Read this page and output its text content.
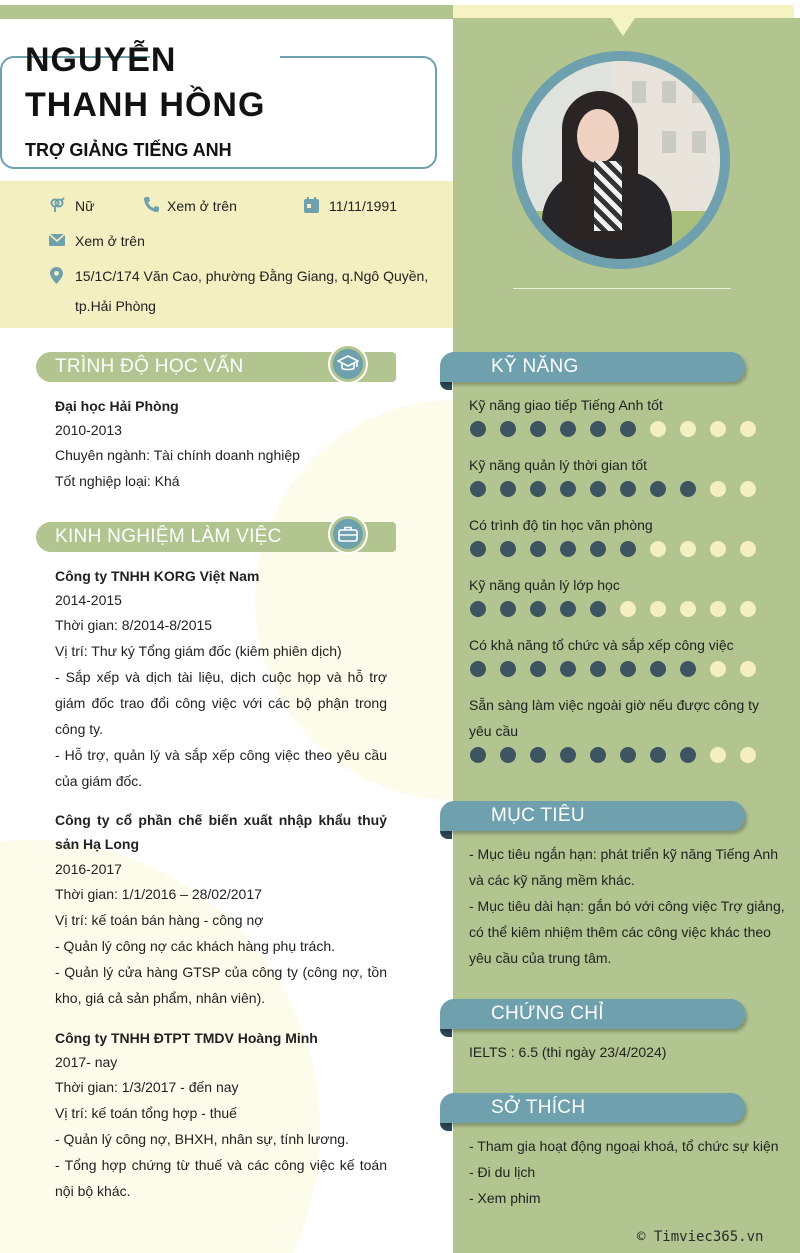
NGUYỄN
THANH HỒNG
TRỢ GIẢNG TIẾNG ANH
Nữ	Xem ở trên	11/11/1991
Xem ở trên
15/1C/174 Văn Cao, phường Đằng Giang, q.Ngô Quyền,
tp.Hải Phòng
TRÌNH ĐỘ HỌC VẤN
Đại học Hải Phòng
2010-2013
Chuyên ngành: Tài chính doanh nghiệp
Tốt nghiệp loại: Khá
KINH NGHIỆM LÀM VIỆC
Công ty TNHH KORG Việt Nam
2014-2015
Thời gian: 8/2014-8/2015
Vị trí: Thư ký Tổng giám đốc (kiêm phiên dịch)
- Sắp xếp và dịch tài liệu, dịch cuộc họp và hỗ trợ giám đốc trao đổi công việc với các bộ phận trong công ty.
- Hỗ trợ, quản lý và sắp xếp công việc theo yêu cầu của giám đốc.
Công ty cổ phần chế biến xuất nhập khẩu thuỷ sản Hạ Long
2016-2017
Thời gian: 1/1/2016 – 28/02/2017
Vị trí: kế toán bán hàng - công nợ
- Quản lý công nợ các khách hàng phụ trách.
- Quản lý cửa hàng GTSP của công ty (công nợ, tồn kho, giá cả sản phẩm, nhân viên).
Công ty TNHH ĐTPT TMDV Hoàng Minh
2017- nay
Thời gian: 1/3/2017 - đến nay
Vị trí: kế toán tổng hợp - thuế
- Quản lý công nợ, BHXH, nhân sự, tính lương.
- Tổng hợp chứng từ thuế và các công việc kế toán nội bộ khác.
KỸ NĂNG
Kỹ năng giao tiếp Tiếng Anh tốt
Kỹ năng quản lý thời gian tốt
Có trình độ tin học văn phòng
Kỹ năng quản lý lớp học
Có khả năng tổ chức và sắp xếp công việc
Sẵn sàng làm việc ngoài giờ nếu được công ty yêu cầu
MỤC TIÊU
- Mục tiêu ngắn hạn: phát triển kỹ năng Tiếng Anh và các kỹ năng mềm khác.
- Mục tiêu dài hạn: gắn bó với công việc Trợ giảng, có thể kiêm nhiệm thêm các công việc khác theo yêu cầu của trung tâm.
CHỨNG CHỈ
IELTS : 6.5 (thi ngày 23/4/2024)
SỞ THÍCH
- Tham gia hoạt động ngoại khoá, tổ chức sự kiện
- Đi du lịch
- Xem phim
© Timviec365.vn
